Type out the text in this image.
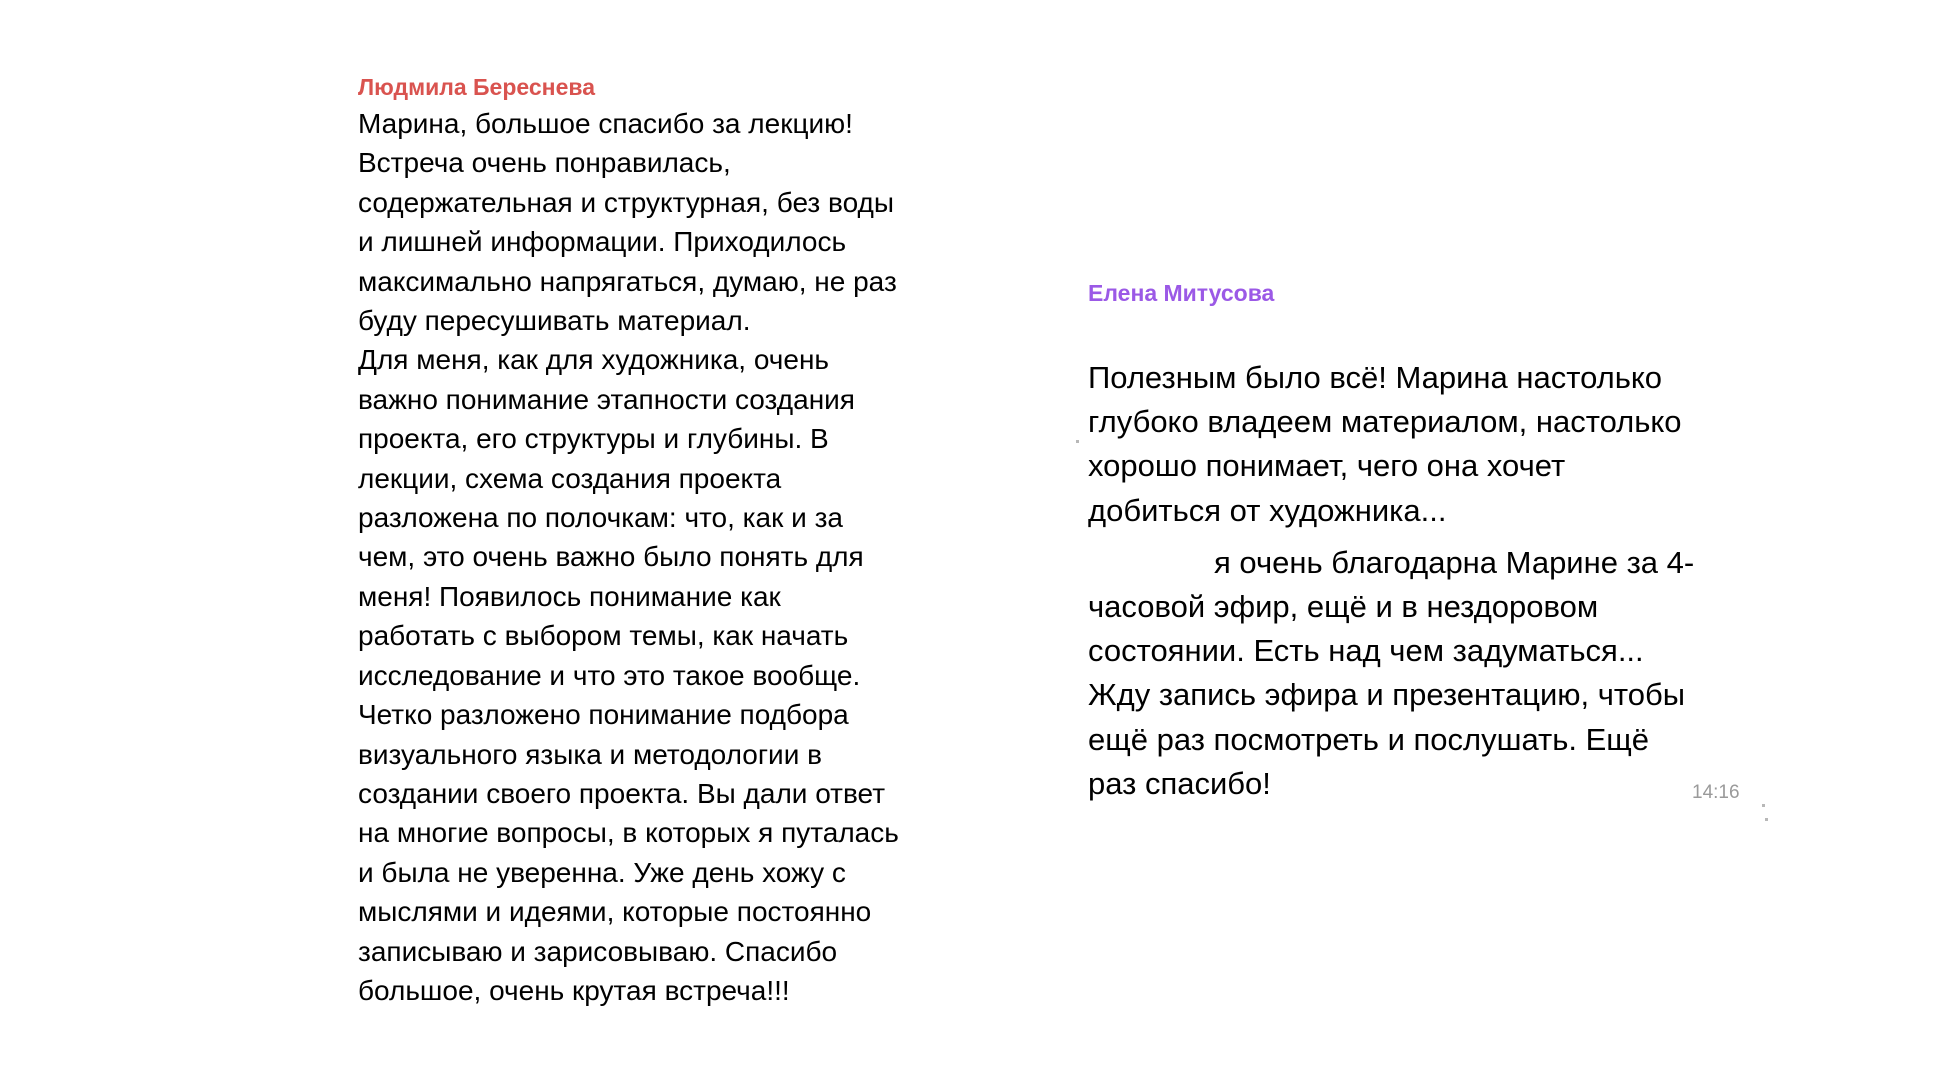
Людмила Береснева
Марина, большое спасибо за лекцию!
Встреча очень понравилась,
содержательная и структурная, без воды
и лишней информации. Приходилось
максимально напрягаться, думаю, не раз
буду пересушивать материал.
Для меня, как для художника, очень
важно понимание этапности создания
проекта, его структуры и глубины. В
лекции, схема создания проекта
разложена по полочкам: что, как и за
чем, это очень важно было понять для
меня! Появилось понимание как
работать с выбором темы, как начать
исследование и что это такое вообще.
Четко разложено понимание подбора
визуального языка и методологии в
создании своего проекта. Вы дали ответ
на многие вопросы, в которых я путалась
и была не уверенна. Уже день хожу с
мыслями и идеями, которые постоянно
записываю и зарисовываю. Спасибо
большое, очень крутая встреча!!!
Елена Митусова
Полезным было всё! Марина настолько
глубоко владеем материалом, настолько
хорошо понимает, чего она хочет
добиться от художника...
я очень благодарна Марине за 4-
часовой эфир, ещё и в нездоровом
состоянии. Есть над чем задуматься...
Жду запись эфира и презентацию, чтобы
ещё раз посмотреть и послушать. Ещё
раз спасибо!	14:16
